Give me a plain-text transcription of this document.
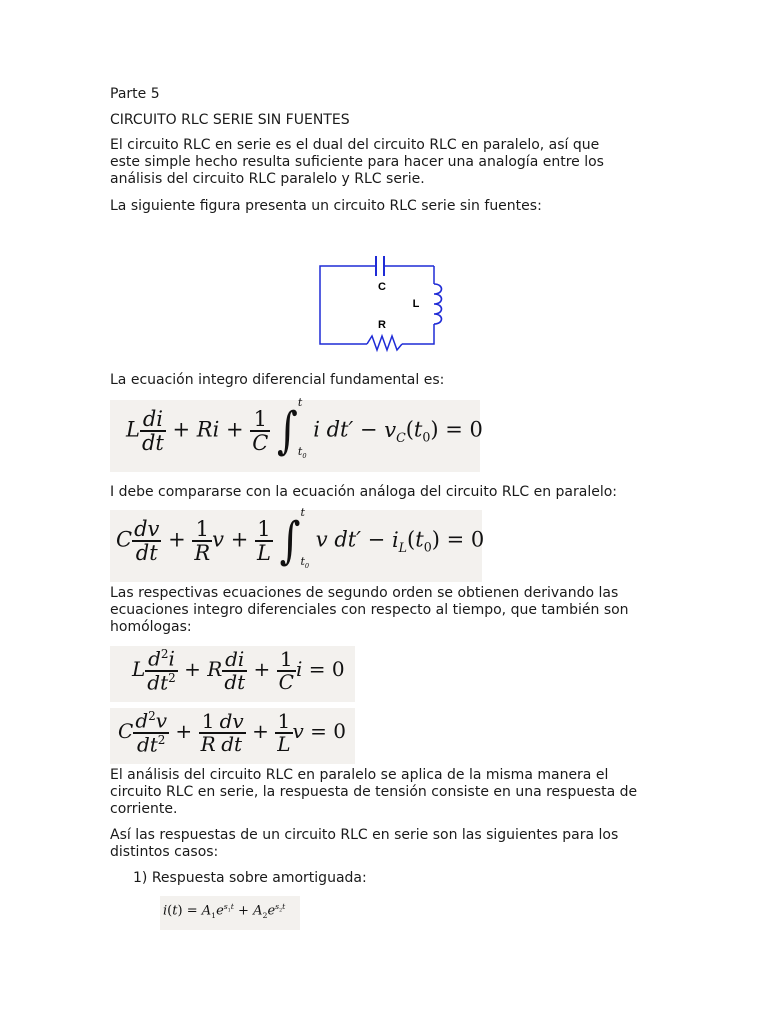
Parte 5

CIRCUITO RLC SERIE SIN FUENTES

El circuito RLC en serie es el dual del circuito RLC en paralelo, así que este simple hecho resulta suficiente para hacer una analogía entre los análisis del circuito RLC paralelo y RLC serie.

La siguiente figura presenta un circuito RLC serie sin fuentes:

C
L
R

La ecuación integro diferencial fundamental es:

L $\frac{di}{dt} + Ri + \frac{1}{C}$ ∫
t
$t_0$
i $dt' - v_C(t_0) = 0$

I debe compararse con la ecuación análoga del circuito RLC en paralelo:

C $\frac{dv}{dt} + \frac{1}{R}$ $v + \frac{1}{L}$ ∫
t
$t_0$
v $dt' - i_L(t_0) = 0$

Las respectivas ecuaciones de segundo orden se obtienen derivando las ecuaciones integro diferenciales con respecto al tiempo, que también son homólogas:

L $\frac{d^2i}{dt^2} + R \frac{di}{dt} + \frac{1}{C}$ i = 0
C $\frac{d^2v}{dt^2} + \frac{1}{R} \frac{dv}{dt} + \frac{1}{L}$ v = 0

El análisis del circuito RLC en paralelo se aplica de la misma manera el circuito RLC en serie, la respuesta de tensión consiste en una respuesta de corriente.

Así las respuestas de un circuito RLC en serie son las siguientes para los distintos casos:

1) Respuesta sobre amortiguada:
$i(t) = A_1e^{s_1t} + A_2e^{s_2t}$
